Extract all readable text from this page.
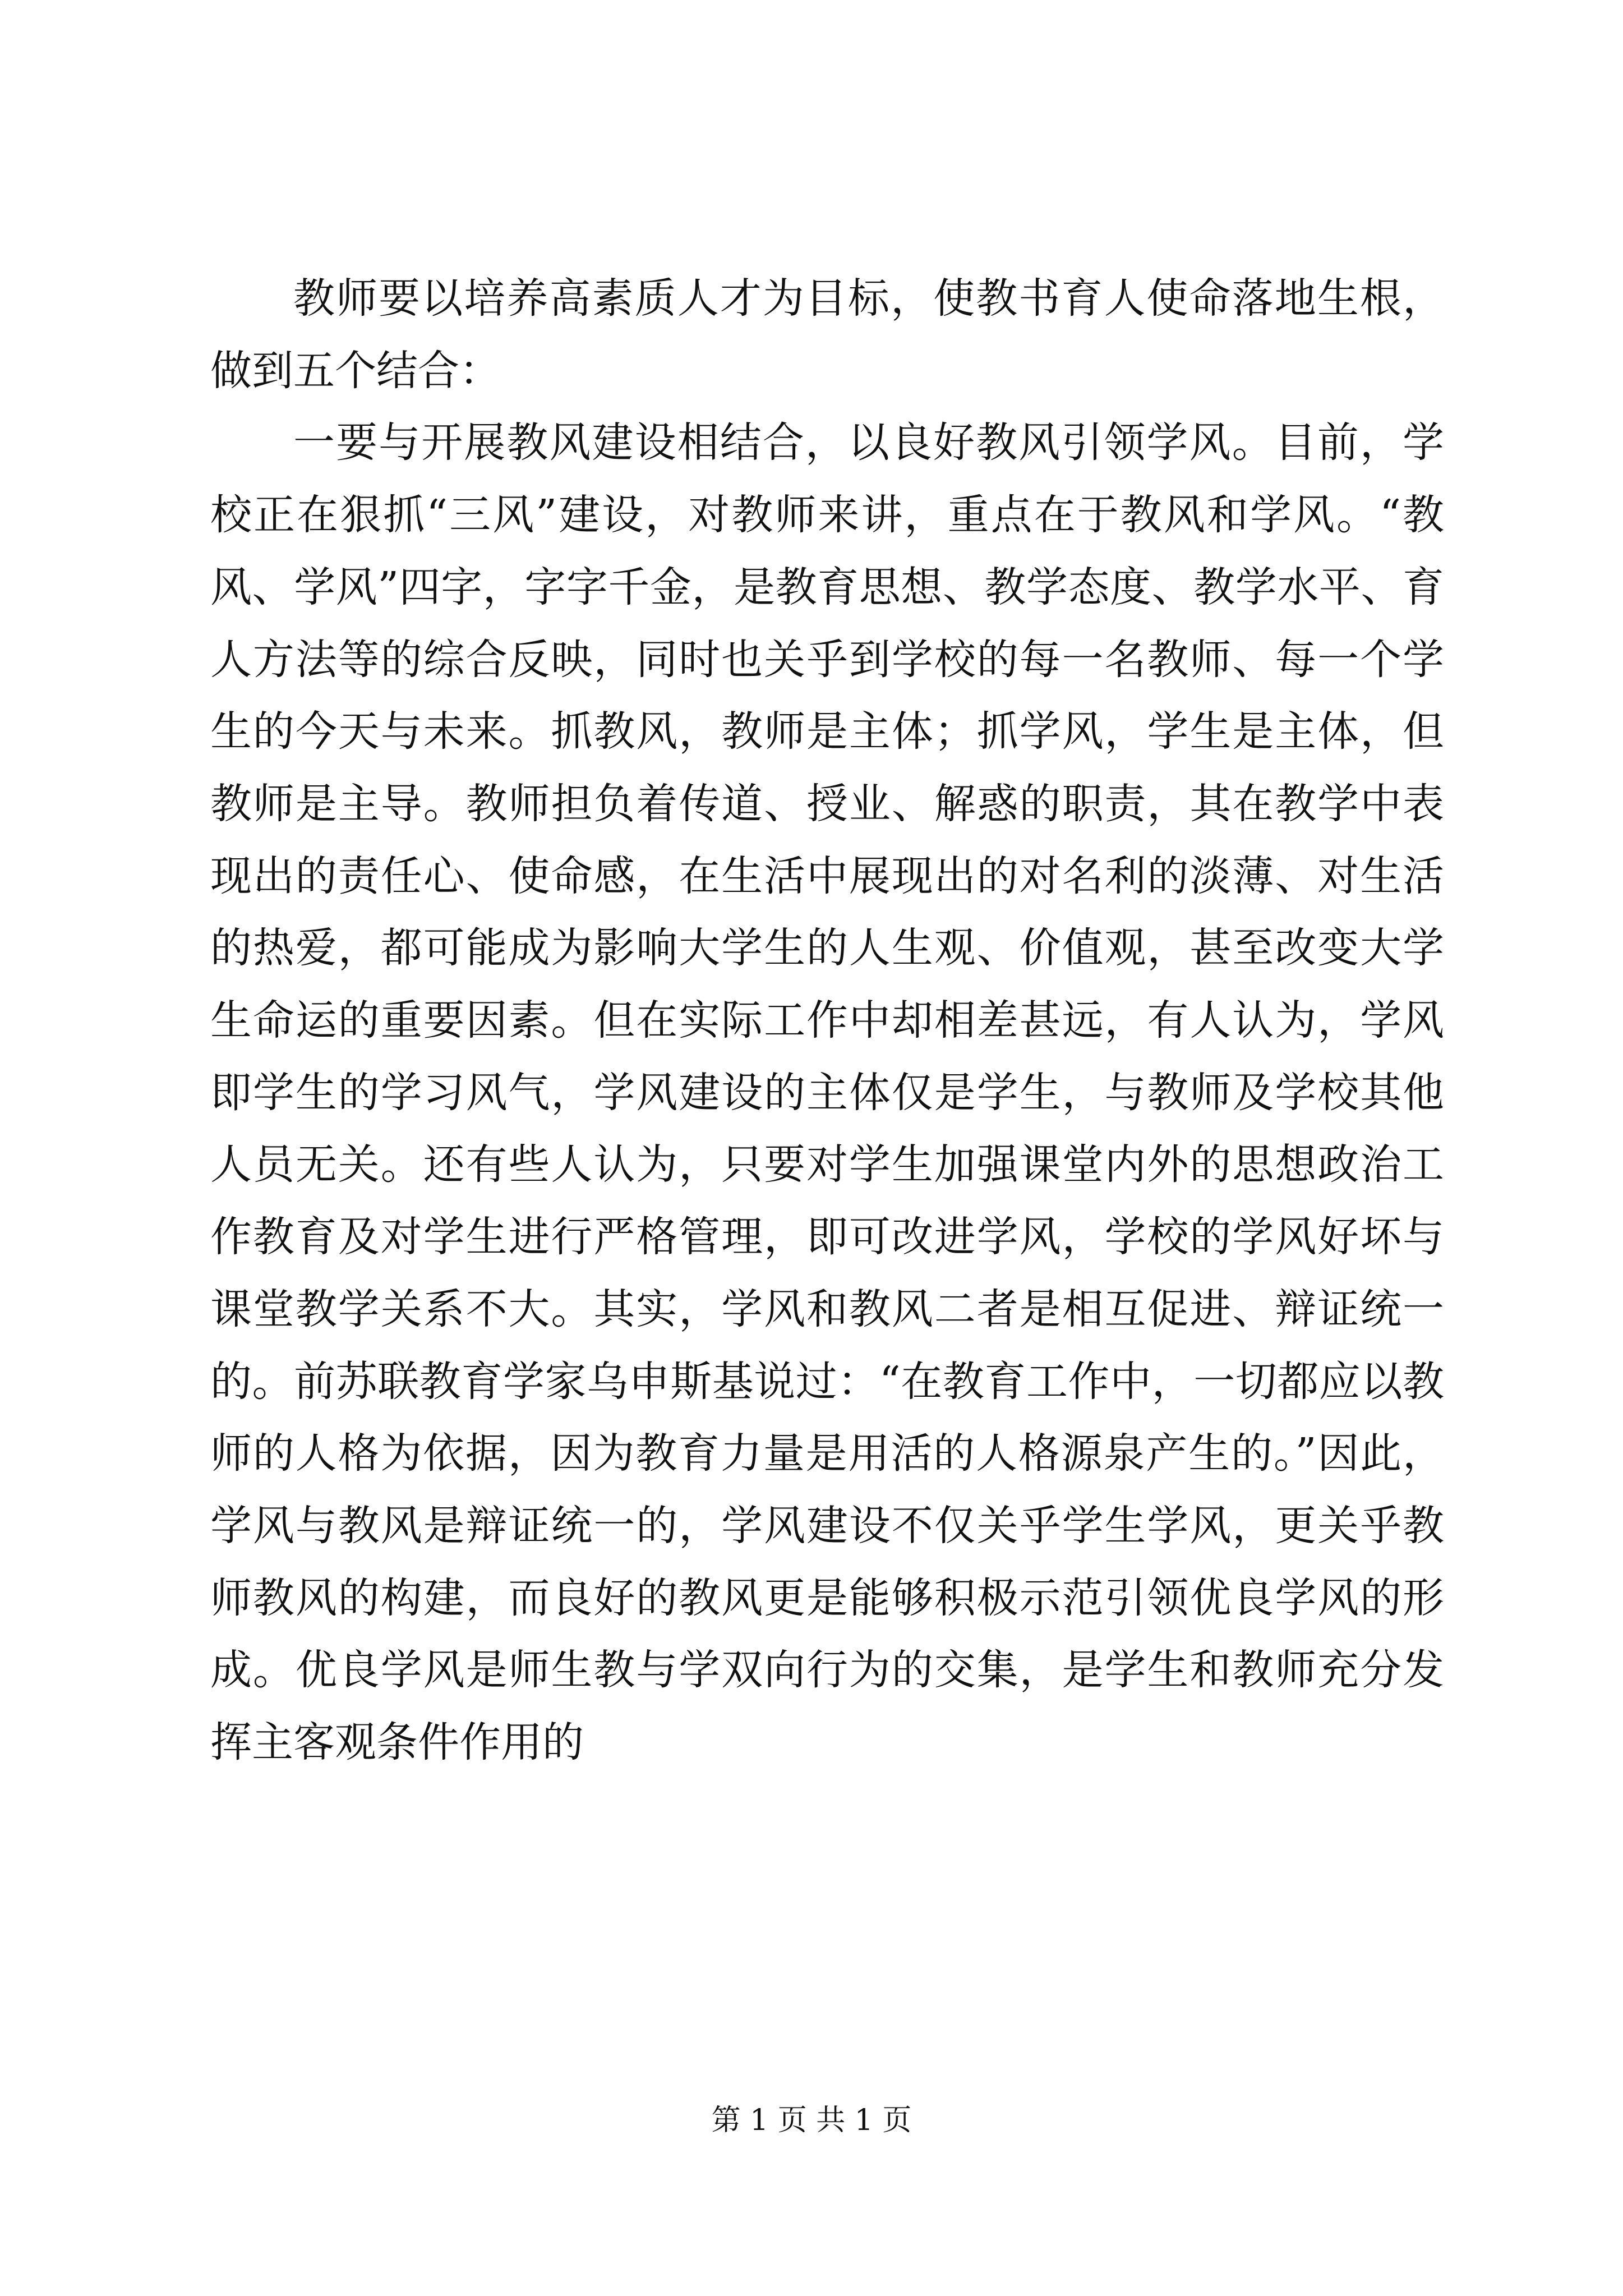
教师要以培养高素质人才为目标，使教书育人使命落地生根，做到五个结合：

一要与开展教风建设相结合，以良好教风引领学风。目前，学校正在狠抓“三风”建设，对教师来讲，重点在于教风和学风。“教风、学风”四字，字字千金，是教育思想、教学态度、教学水平、育人方法等的综合反映，同时也关乎到学校的每一名教师、每一个学生的今天与未来。抓教风，教师是主体；抓学风，学生是主体，但教师是主导。教师担负着传道、授业、解惑的职责，其在教学中表现出的责任心、使命感，在生活中展现出的对名利的淡薄、对生活的热爱，都可能成为影响大学生的人生观、价值观，甚至改变大学生命运的重要因素。但在实际工作中却相差甚远，有人认为，学风即学生的学习风气，学风建设的主体仅是学生，与教师及学校其他人员无关。还有些人认为，只要对学生加强课堂内外的思想政治工作教育及对学生进行严格管理，即可改进学风，学校的学风好坏与课堂教学关系不大。其实，学风和教风二者是相互促进、辩证统一的。前苏联教育学家乌申斯基说过：“在教育工作中，一切都应以教师的人格为依据，因为教育力量是用活的人格源泉产生的。”因此，学风与教风是辩证统一的，学风建设不仅关乎学生学风，更关乎教师教风的构建，而良好的教风更是能够积极示范引领优良学风的形成。优良学风是师生教与学双向行为的交集，是学生和教师充分发挥主客观条件作用的

第 1 页 共 1 页
